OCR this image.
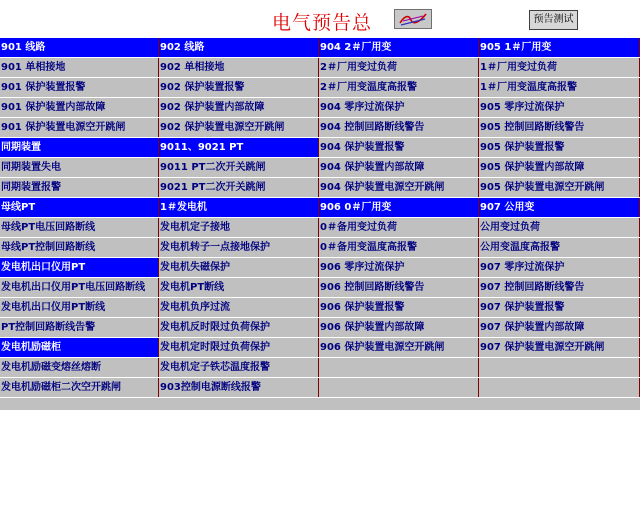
电气预告总	预告测试
901 线路	902 线路	904 2＃厂用变	905 1＃厂用变
901 单相接地	902 单相接地	2＃厂用变过负荷	1＃厂用变过负荷
901 保护装置报警	902 保护装置报警	2＃厂用变温度高报警	1＃厂用变温度高报警
901 保护装置内部故障	902 保护装置内部故障	904 零序过流保护	905 零序过流保护
901 保护装置电源空开跳闸	902 保护装置电源空开跳闸	904 控制回路断线警告	905 控制回路断线警告
同期装置	9011、9021 PT	904 保护装置报警	905 保护装置报警
同期装置失电	9011 PT二次开关跳闸	904 保护装置内部故障	905 保护装置内部故障
同期装置报警	9021 PT二次开关跳闸	904 保护装置电源空开跳闸	905 保护装置电源空开跳闸
母线PT	1＃发电机	906 0＃厂用变	907 公用变
母线PT电压回路断线	发电机定子接地	0＃备用变过负荷	公用变过负荷
母线PT控制回路断线	发电机转子一点接地保护	0＃备用变温度高报警	公用变温度高报警
发电机出口仪用PT	发电机失磁保护	906 零序过流保护	907 零序过流保护
发电机出口仪用PT电压回路断线	发电机PT断线	906 控制回路断线警告	907 控制回路断线警告
发电机出口仪用PT断线	发电机负序过流	906 保护装置报警	907 保护装置报警
PT控制回路断线告警	发电机反时限过负荷保护	906 保护装置内部故障	907 保护装置内部故障
发电机励磁柜	发电机定时限过负荷保护	906 保护装置电源空开跳闸	907 保护装置电源空开跳闸
发电机励磁变熔丝熔断	发电机定子铁芯温度报警
发电机励磁柜二次空开跳闸	903控制电源断线报警
